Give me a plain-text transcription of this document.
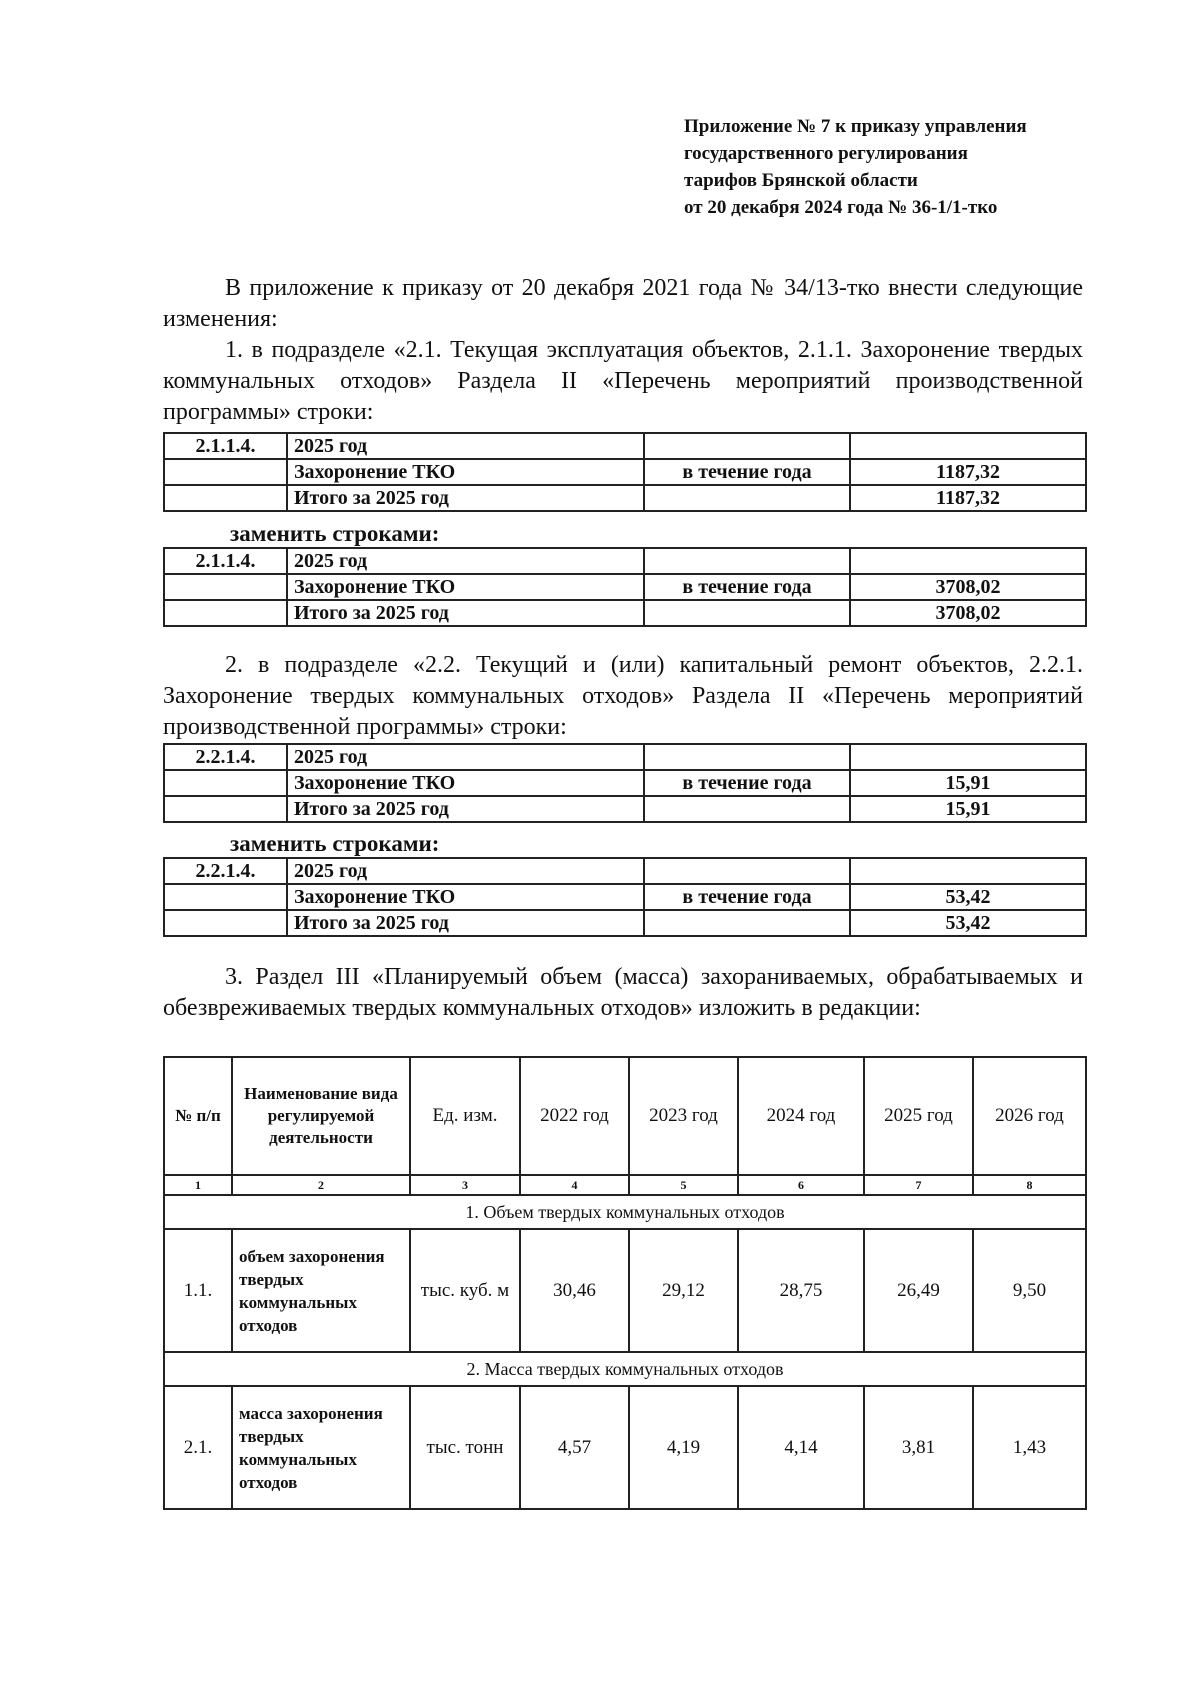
Приложение № 7 к приказу управления
государственного регулирования
тарифов Брянской области
от 20 декабря 2024 года № 36-1/1-тко
В приложение к приказу от 20 декабря 2021 года № 34/13-тко внести следующие изменения:
1. в подразделе «2.1. Текущая эксплуатация объектов, 2.1.1. Захоронение твердых коммунальных отходов» Раздела II «Перечень мероприятий производственной программы» строки:
2.1.1.4.	2025 год		
	Захоронение ТКО	в течение года	1187,32
	Итого за 2025 год		1187,32
заменить строками:
2.1.1.4.	2025 год		
	Захоронение ТКО	в течение года	3708,02
	Итого за 2025 год		3708,02
2. в подразделе «2.2. Текущий и (или) капитальный ремонт объектов, 2.2.1. Захоронение твердых коммунальных отходов» Раздела II «Перечень мероприятий производственной программы» строки:
2.2.1.4.	2025 год		
	Захоронение ТКО	в течение года	15,91
	Итого за 2025 год		15,91
заменить строками:
2.2.1.4.	2025 год		
	Захоронение ТКО	в течение года	53,42
	Итого за 2025 год		53,42
3. Раздел III «Планируемый объем (масса) захораниваемых, обрабатываемых и обезвреживаемых твердых коммунальных отходов» изложить в редакции:
№ п/п	Наименование вида регулируемой деятельности	Ед. изм.	2022 год	2023 год	2024 год	2025 год	2026 год
1	2	3	4	5	6	7	8
1. Объем твердых коммунальных отходов							
1.1.	объем захоронения твердых коммунальных отходов	тыс. куб. м	30,46	29,12	28,75	26,49	9,50
2. Масса твердых коммунальных отходов							
2.1.	масса захоронения твердых коммунальных отходов	тыс. тонн	4,57	4,19	4,14	3,81	1,43
